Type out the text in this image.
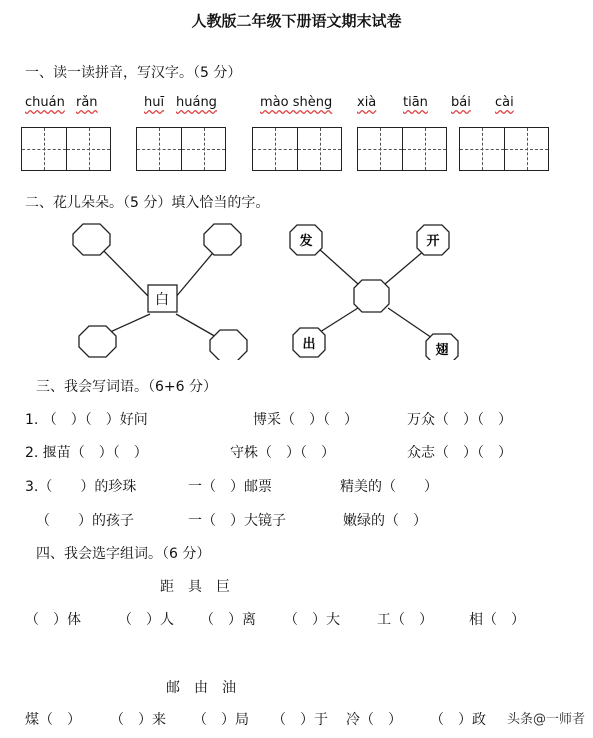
人教版二年级下册语文期末试卷
一、读一读拼音，写汉字。（5 分）
chuán rǎn	huī huáng	mào shèng xià tiān bái cài
二、花儿朵朵。（5 分）填入恰当的字。
白
发	开
出	翅
三、我会写词语。（6+6 分）
1. （　）（　）好问	博采（　）（　）	万众（　）（　）
2. 揠苗（　）（　）	守株（　）（　）	众志（　）（　）
3.（　　）的珍珠	一（　）邮票	精美的（　　）
（　　）的孩子	一（　）大镜子	嫩绿的（　）
四、我会选字组词。（6 分）
距　具　巨
（　）体	（　）人 （　）离 （　）大	工（　）	相（　）
邮　由　油
煤（　） （　）来 （　）局 （　）于 冷（　） （　）政 头条@一师者
